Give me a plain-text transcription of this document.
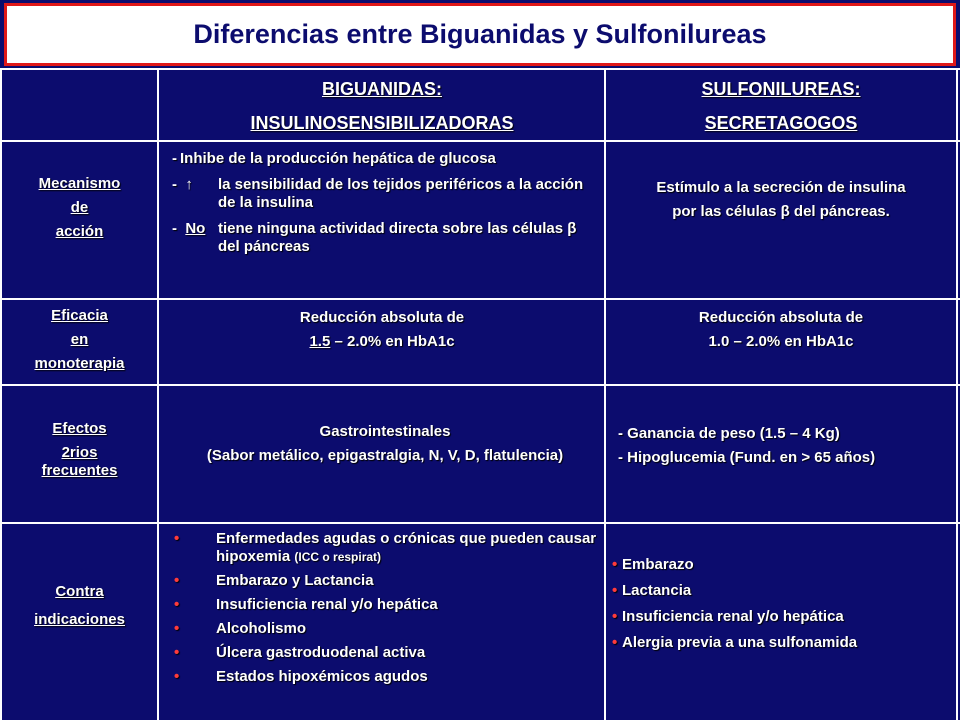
Diferencias entre Biguanidas y Sulfonilureas
BIGUANIDAS:
INSULINOSENSIBILIZADORAS
SULFONILUREAS:
SECRETAGOGOS
Mecanismo
de
acción
- Inhibe de la producción hepática de glucosa
- ↑ la sensibilidad de los tejidos periféricos a la acción de la insulina
- No tiene ninguna actividad directa sobre las células β del páncreas
Estímulo a la secreción de insulina
por las células β del páncreas.
Eficacia
en
monoterapia
Reducción absoluta de
1.5 – 2.0% en HbA1c
Reducción absoluta de
1.0 – 2.0% en HbA1c
Efectos
2rios
frecuentes
Gastrointestinales
(Sabor metálico, epigastralgia, N, V, D, flatulencia)
- Ganancia de peso (1.5 – 4 Kg)
- Hipoglucemia (Fund. en > 65 años)
Contra
indicaciones
• Enfermedades agudas o crónicas que pueden causar hipoxemia (ICC o respirat)
• Embarazo y Lactancia
• Insuficiencia renal y/o hepática
• Alcoholismo
• Úlcera gastroduodenal activa
• Estados hipoxémicos agudos
• Embarazo
• Lactancia
• Insuficiencia renal y/o hepática
• Alergia previa a una sulfonamida
